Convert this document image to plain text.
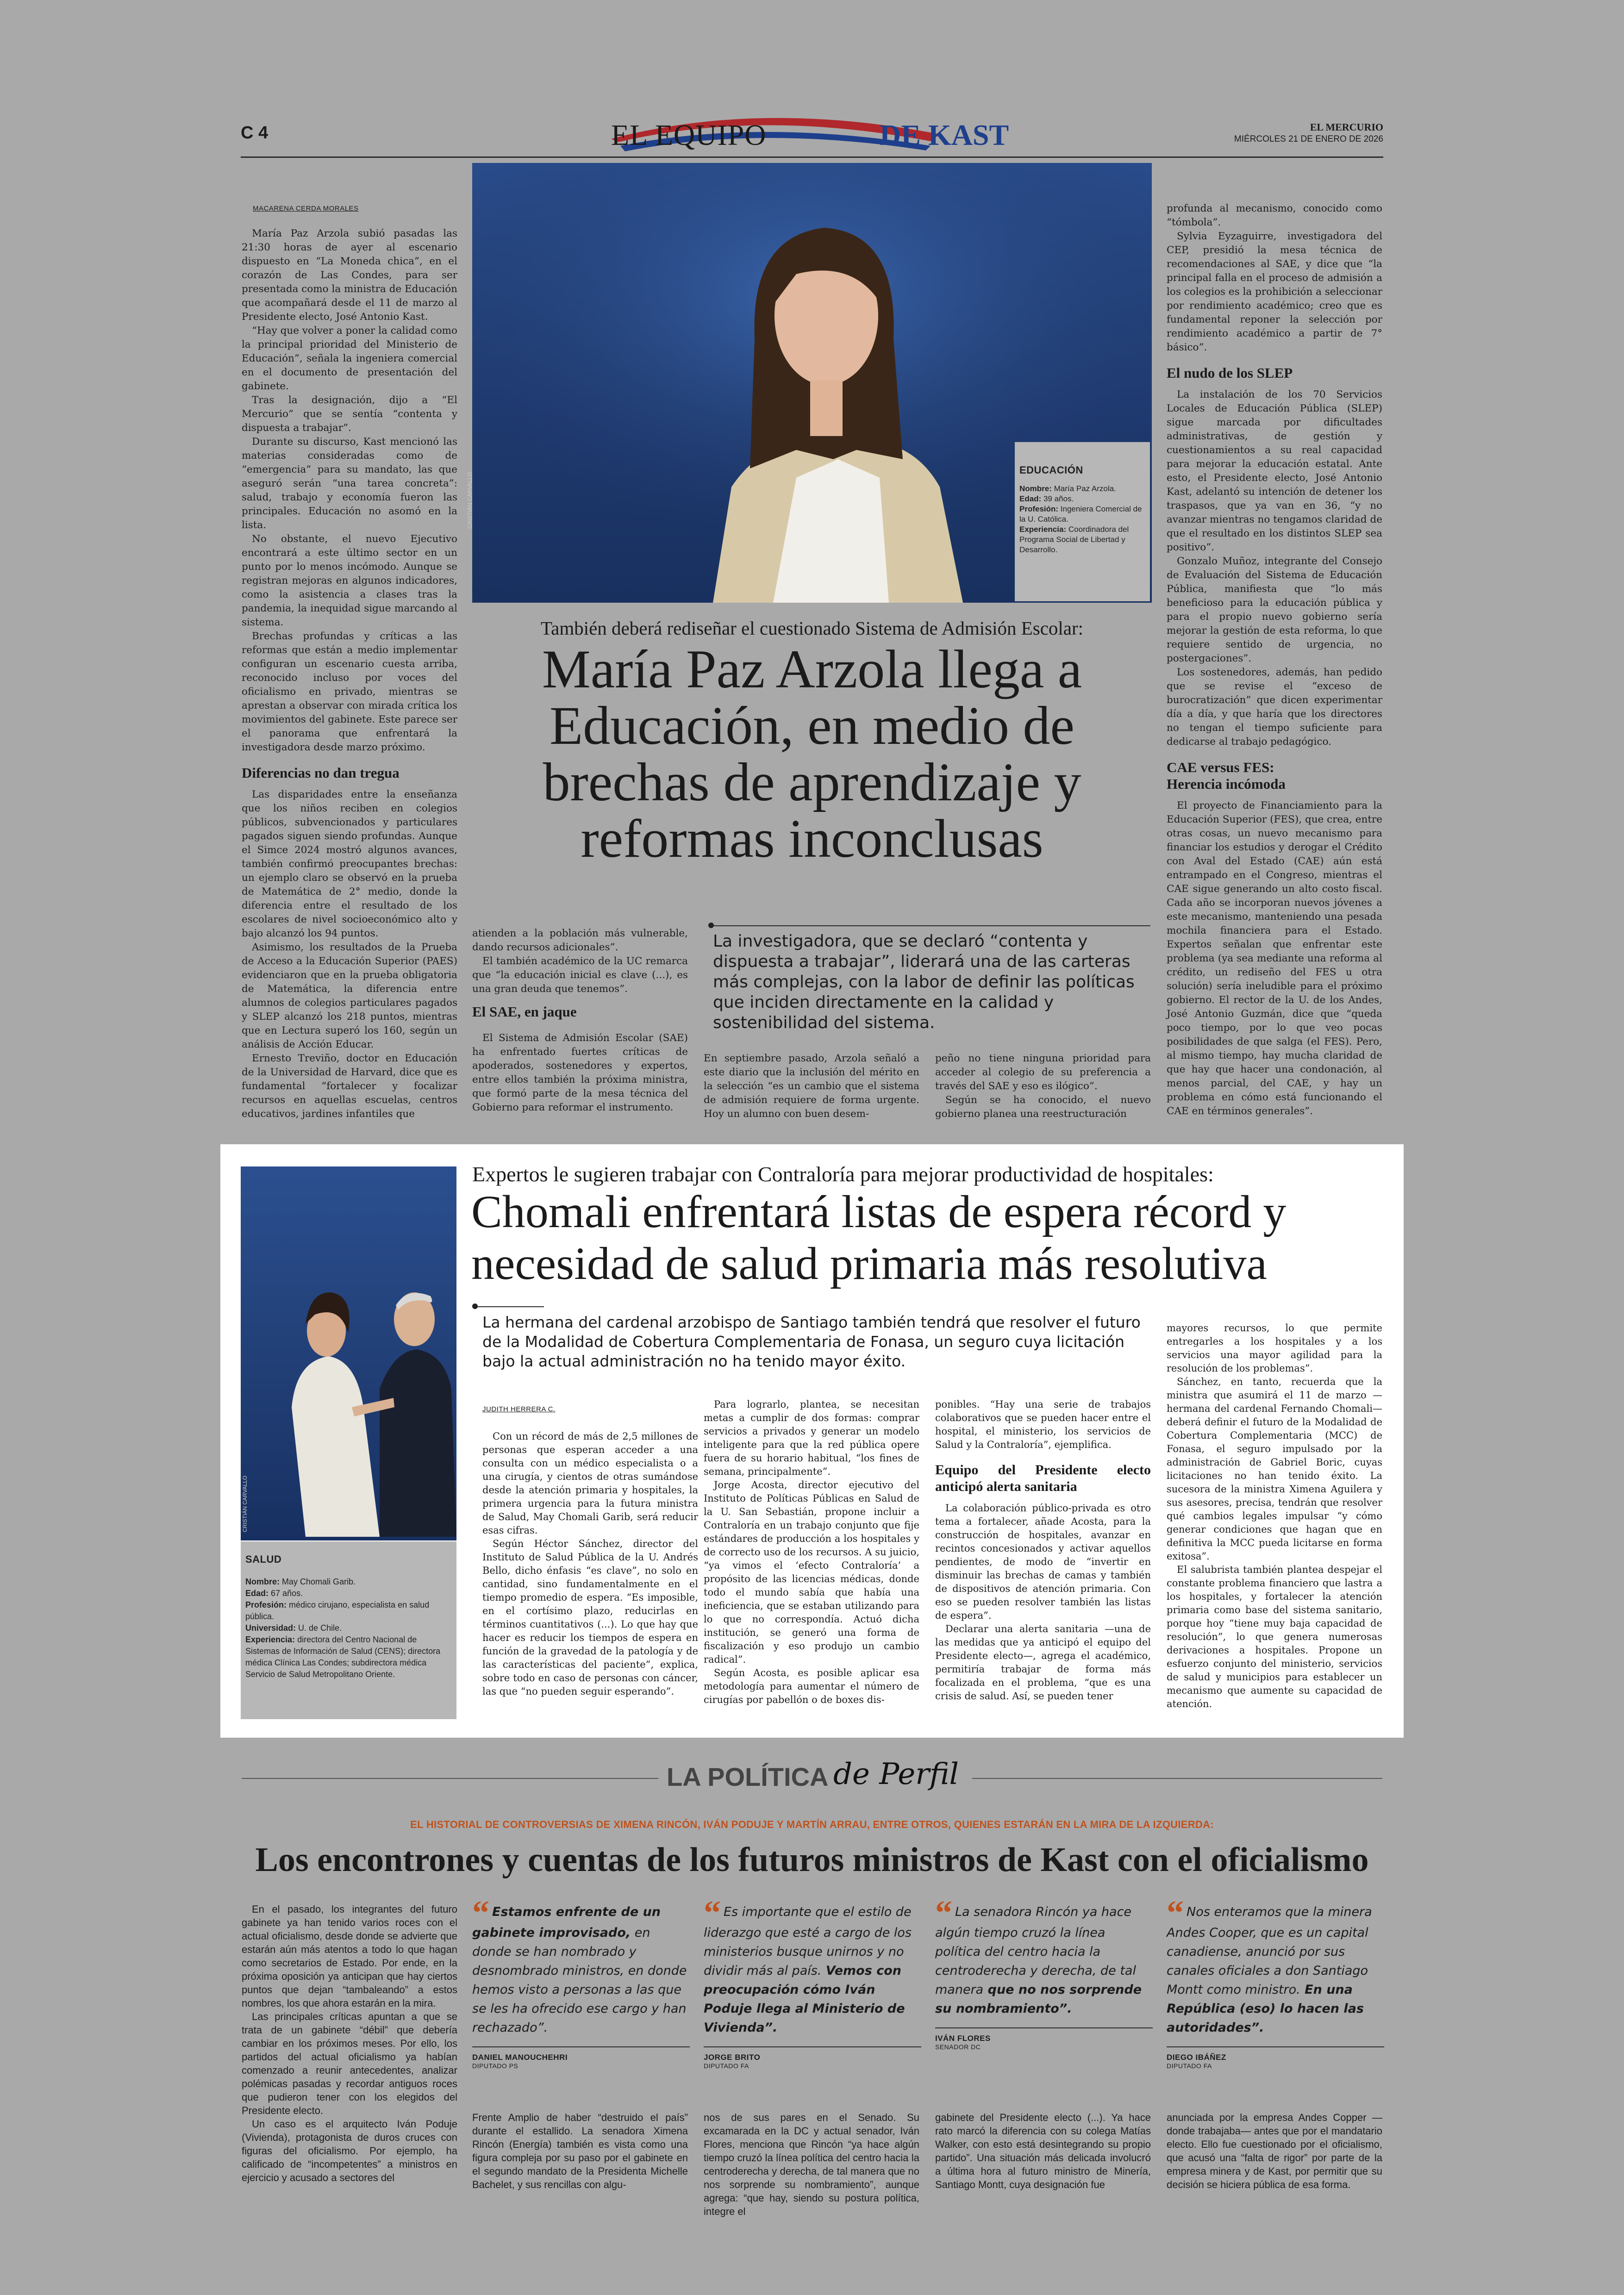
C 4	EL EQUIPO	DE KAST	EL MERCURIO
MIÉRCOLES 21 DE ENERO DE 2026
MACARENA CERDA MORALES

María Paz Arzola subió pasadas las 21:30 horas de ayer al escenario dispuesto en “La Moneda chica”, en el corazón de Las Condes, para ser presentada como la ministra de Educación que acompañará desde el 11 de marzo al Presidente electo, José Antonio Kast.

“Hay que volver a poner la calidad como la principal prioridad del Ministerio de Educación”, señala la ingeniera comercial en el documento de presentación del gabinete.

Tras la designación, dijo a “El Mercurio” que se sentía “contenta y dispuesta a trabajar”.

Durante su discurso, Kast mencionó las materias consideradas como de “emergencia” para su mandato, las que aseguró serán “una tarea concreta”: salud, trabajo y economía fueron las principales. Educación no asomó en la lista.

No obstante, el nuevo Ejecutivo encontrará a este último sector en un punto por lo menos incómodo. Aunque se registran mejoras en algunos indicadores, como la asistencia a clases tras la pandemia, la inequidad sigue marcando al sistema.

Brechas profundas y críticas a las reformas que están a medio implementar configuran un escenario cuesta arriba, reconocido incluso por voces del oficialismo en privado, mientras se aprestan a observar con mirada crítica los movimientos del gabinete. Este parece ser el panorama que enfrentará la investigadora desde marzo próximo.

Diferencias no dan tregua

Las disparidades entre la enseñanza que los niños reciben en colegios públicos, subvencionados y particulares pagados siguen siendo profundas. Aunque el Simce 2024 mostró algunos avances, también confirmó preocupantes brechas: un ejemplo claro se observó en la prueba de Matemática de 2° medio, donde la diferencia entre el resultado de los escolares de nivel socioeconómico alto y bajo alcanzó los 94 puntos.

Asimismo, los resultados de la Prueba de Acceso a la Educación Superior (PAES) evidenciaron que en la prueba obligatoria de Matemática, la diferencia entre alumnos de colegios particulares pagados y SLEP alcanzó los 218 puntos, mientras que en Lectura superó los 160, según un análisis de Acción Educar.

Ernesto Treviño, doctor en Educación de la Universidad de Harvard, dice que es fundamental “fortalecer y focalizar recursos en aquellas escuelas, centros educativos, jardines infantiles que

CRISTIÁN CARVALLO
EDUCACIÓN
Nombre: María Paz Arzola.
Edad: 39 años.
Profesión: Ingeniera Comercial de la U. Católica.
Experiencia: Coordinadora del Programa Social de Libertad y Desarrollo.
También deberá rediseñar el cuestionado Sistema de Admisión Escolar:
María Paz Arzola llega a Educación, en medio de brechas de aprendizaje y reformas inconclusas

atienden a la población más vulnerable, dando recursos adicionales”.

El también académico de la UC remarca que “la educación inicial es clave (...), es una gran deuda que tenemos”.

El SAE, en jaque

El Sistema de Admisión Escolar (SAE) ha enfrentado fuertes críticas de apoderados, sostenedores y expertos, entre ellos también la próxima ministra, que formó parte de la mesa técnica del Gobierno para reformar el instrumento.

La investigadora, que se declaró “contenta y dispuesta a trabajar”, liderará una de las carteras más complejas, con la labor de definir las políticas que inciden directamente en la calidad y sostenibilidad del sistema.

En septiembre pasado, Arzola señaló a este diario que la inclusión del mérito en la selección “es un cambio que el sistema de admisión requiere de forma urgente. Hoy un alumno con buen desem-

peño no tiene ninguna prioridad para acceder al colegio de su preferencia a través del SAE y eso es ilógico”.

Según se ha conocido, el nuevo gobierno planea una reestructuración

profunda al mecanismo, conocido como “tómbola”.

Sylvia Eyzaguirre, investigadora del CEP, presidió la mesa técnica de recomendaciones al SAE, y dice que “la principal falla en el proceso de admisión a los colegios es la prohibición a seleccionar por rendimiento académico; creo que es fundamental reponer la selección por rendimiento académico a partir de 7° básico”.

El nudo de los SLEP

La instalación de los 70 Servicios Locales de Educación Pública (SLEP) sigue marcada por dificultades administrativas, de gestión y cuestionamientos a su real capacidad para mejorar la educación estatal. Ante esto, el Presidente electo, José Antonio Kast, adelantó su intención de detener los traspasos, que ya van en 36, “y no avanzar mientras no tengamos claridad de que el resultado en los distintos SLEP sea positivo”.

Gonzalo Muñoz, integrante del Consejo de Evaluación del Sistema de Educación Pública, manifiesta que “lo más beneficioso para la educación pública y para el propio nuevo gobierno sería mejorar la gestión de esta reforma, lo que requiere sentido de urgencia, no postergaciones”.

Los sostenedores, además, han pedido que se revise el “exceso de burocratización” que dicen experimentar día a día, y que haría que los directores no tengan el tiempo suficiente para dedicarse al trabajo pedagógico.

CAE versus FES:
Herencia incómoda

El proyecto de Financiamiento para la Educación Superior (FES), que crea, entre otras cosas, un nuevo mecanismo para financiar los estudios y derogar el Crédito con Aval del Estado (CAE) aún está entrampado en el Congreso, mientras el CAE sigue generando un alto costo fiscal. Cada año se incorporan nuevos jóvenes a este mecanismo, manteniendo una pesada mochila financiera para el Estado. Expertos señalan que enfrentar este problema (ya sea mediante una reforma al crédito, un rediseño del FES u otra solución) sería ineludible para el próximo gobierno. El rector de la U. de los Andes, José Antonio Guzmán, dice que “queda poco tiempo, por lo que veo pocas posibilidades de que salga (el FES). Pero, al mismo tiempo, hay mucha claridad de que hay que hacer una condonación, al menos parcial, del CAE, y hay un problema en cómo está funcionando el CAE en términos generales”.

CRISTIÁN CARVALLO
SALUD
Nombre: May Chomali Garib.
Edad: 67 años.
Profesión: médico cirujano, especialista en salud pública.
Universidad: U. de Chile.
Experiencia: directora del Centro Nacional de Sistemas de Información de Salud (CENS); directora médica Clínica Las Condes; subdirectora médica Servicio de Salud Metropolitano Oriente.
Expertos le sugieren trabajar con Contraloría para mejorar productividad de hospitales:
Chomali enfrentará listas de espera récord y necesidad de salud primaria más resolutiva
La hermana del cardenal arzobispo de Santiago también tendrá que resolver el futuro de la Modalidad de Cobertura Complementaria de Fonasa, un seguro cuya licitación bajo la actual administración no ha tenido mayor éxito.
JUDITH HERRERA C.

Con un récord de más de 2,5 millones de personas que esperan acceder a una consulta con un médico especialista o a una cirugía, y cientos de otras sumándose desde la atención primaria y hospitales, la primera urgencia para la futura ministra de Salud, May Chomali Garib, será reducir esas cifras.

Según Héctor Sánchez, director del Instituto de Salud Pública de la U. Andrés Bello, dicho énfasis “es clave”, no solo en cantidad, sino fundamentalmente en el tiempo promedio de espera. “Es imposible, en el cortísimo plazo, reducirlas en términos cuantitativos (...). Lo que hay que hacer es reducir los tiempos de espera en función de la gravedad de la patología y de las características del paciente”, explica, sobre todo en caso de personas con cáncer, las que “no pueden seguir esperando”.

Para lograrlo, plantea, se necesitan metas a cumplir de dos formas: comprar servicios a privados y generar un modelo inteligente para que la red pública opere fuera de su horario habitual, “los fines de semana, principalmente”.

Jorge Acosta, director ejecutivo del Instituto de Políticas Públicas en Salud de la U. San Sebastián, propone incluir a Contraloría en un trabajo conjunto que fije estándares de producción a los hospitales y de correcto uso de los recursos. A su juicio, “ya vimos el ‘efecto Contraloría’ a propósito de las licencias médicas, donde todo el mundo sabía que había una ineficiencia, que se estaban utilizando para lo que no correspondía. Actuó dicha institución, se generó una forma de fiscalización y eso produjo un cambio radical”.

Según Acosta, es posible aplicar esa metodología para aumentar el número de cirugías por pabellón o de boxes dis-

ponibles. “Hay una serie de trabajos colaborativos que se pueden hacer entre el hospital, el ministerio, los servicios de Salud y la Contraloría”, ejemplifica.

Equipo del Presidente electo anticipó alerta sanitaria

La colaboración público-privada es otro tema a fortalecer, añade Acosta, para la construcción de hospitales, avanzar en recintos concesionados y activar aquellos pendientes, de modo de “invertir en disminuir las brechas de camas y también de dispositivos de atención primaria. Con eso se pueden resolver también las listas de espera”.

Declarar una alerta sanitaria —una de las medidas que ya anticipó el equipo del Presidente electo—, agrega el académico, permitiría trabajar de forma más focalizada en el problema, “que es una crisis de salud. Así, se pueden tener

mayores recursos, lo que permite entregarles a los hospitales y a los servicios una mayor agilidad para la resolución de los problemas”.

Sánchez, en tanto, recuerda que la ministra que asumirá el 11 de marzo —hermana del cardenal Fernando Chomali— deberá definir el futuro de la Modalidad de Cobertura Complementaria (MCC) de Fonasa, el seguro impulsado por la administración de Gabriel Boric, cuyas licitaciones no han tenido éxito. La sucesora de la ministra Ximena Aguilera y sus asesores, precisa, tendrán que resolver qué cambios legales impulsar “y cómo generar condiciones que hagan que en definitiva la MCC pueda licitarse en forma exitosa”.

El salubrista también plantea despejar el constante problema financiero que lastra a los hospitales, y fortalecer la atención primaria como base del sistema sanitario, porque hoy “tiene muy baja capacidad de resolución”, lo que genera numerosas derivaciones a hospitales. Propone un esfuerzo conjunto del ministerio, servicios de salud y municipios para establecer un mecanismo que aumente su capacidad de atención.

LA POLÍTICA de Perfil
EL HISTORIAL DE CONTROVERSIAS DE XIMENA RINCÓN, IVÁN PODUJE Y MARTÍN ARRAU, ENTRE OTROS, QUIENES ESTARÁN EN LA MIRA DE LA IZQUIERDA:
Los encontrones y cuentas de los futuros ministros de Kast con el oficialismo

En el pasado, los integrantes del futuro gabinete ya han tenido varios roces con el actual oficialismo, desde donde se advierte que estarán aún más atentos a todo lo que hagan como secretarios de Estado. Por ende, en la próxima oposición ya anticipan que hay ciertos puntos que dejan “tambaleando” a estos nombres, los que ahora estarán en la mira.

Las principales críticas apuntan a que se trata de un gabinete “débil” que debería cambiar en los próximos meses. Por ello, los partidos del actual oficialismo ya habían comenzado a reunir antecedentes, analizar polémicas pasadas y recordar antiguos roces que pudieron tener con los elegidos del Presidente electo.

Un caso es el arquitecto Iván Poduje (Vivienda), protagonista de duros cruces con figuras del oficialismo. Por ejemplo, ha calificado de “incompetentes” a ministros en ejercicio y acusado a sectores del

“ Estamos enfrente de un gabinete improvisado, en donde se han nombrado y desnombrado ministros, en donde hemos visto a personas a las que se les ha ofrecido ese cargo y han rechazado”.
DANIEL MANOUCHEHRI
DIPUTADO PS
“ Es importante que el estilo de liderazgo que esté a cargo de los ministerios busque unirnos y no dividir más al país. Vemos con preocupación cómo Iván Poduje llega al Ministerio de Vivienda”.
JORGE BRITO
DIPUTADO FA
“ La senadora Rincón ya hace algún tiempo cruzó la línea política del centro hacia la centroderecha y derecha, de tal manera que no nos sorprende su nombramiento”.
IVÁN FLORES
SENADOR DC
“ Nos enteramos que la minera Andes Cooper, que es un capital canadiense, anunció por sus canales oficiales a don Santiago Montt como ministro. En una República (eso) lo hacen las autoridades”.
DIEGO IBÁÑEZ
DIPUTADO FA

Frente Amplio de haber “destruido el país” durante el estallido. La senadora Ximena Rincón (Energía) también es vista como una figura compleja por su paso por el gabinete en el segundo mandato de la Presidenta Michelle Bachelet, y sus rencillas con algu-

nos de sus pares en el Senado. Su excamarada en la DC y actual senador, Iván Flores, menciona que Rincón “ya hace algún tiempo cruzó la línea política del centro hacia la centroderecha y derecha, de tal manera que no nos sorprende su nombramiento”, aunque agrega: “que hay, siendo su postura política, integre el

gabinete del Presidente electo (...). Ya hace rato marcó la diferencia con su colega Matías Walker, con esto está desintegrando su propio partido”. Una situación más delicada involucró a última hora al futuro ministro de Minería, Santiago Montt, cuya designación fue

anunciada por la empresa Andes Copper —donde trabajaba— antes que por el mandatario electo. Ello fue cuestionado por el oficialismo, que acusó una “falta de rigor” por parte de la empresa minera y de Kast, por permitir que su decisión se hiciera pública de esa forma.
